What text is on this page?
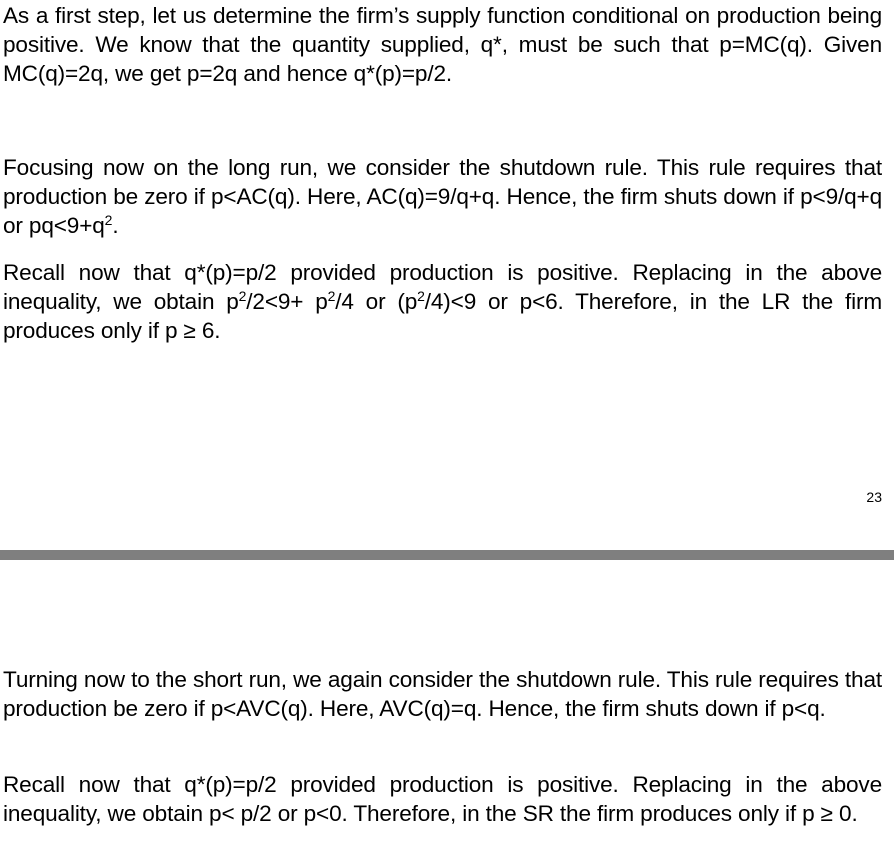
As a first step, let us determine the firm’s supply function conditional on production being positive. We know that the quantity supplied, q*, must be such that p=MC(q). Given MC(q)=2q, we get p=2q and hence q*(p)=p/2.

Focusing now on the long run, we consider the shutdown rule. This rule requires that production be zero if p<AC(q). Here, AC(q)=9/q+q. Hence, the firm shuts down if p<9/q+q or $pq<9+q^2$.

Recall now that q*(p)=p/2 provided production is positive. Replacing in the above inequality, we obtain $p^2/2<9+ p^2/4$ or $(p^2/4)<9$ or p<6. Therefore, in the LR the firm produces only if p ≥ 6.

23

Turning now to the short run, we again consider the shutdown rule. This rule requires that production be zero if p<AVC(q). Here, AVC(q)=q. Hence, the firm shuts down if p<q.

Recall now that q*(p)=p/2 provided production is positive. Replacing in the above inequality, we obtain p< p/2 or p<0. Therefore, in the SR the firm produces only if p ≥ 0.
